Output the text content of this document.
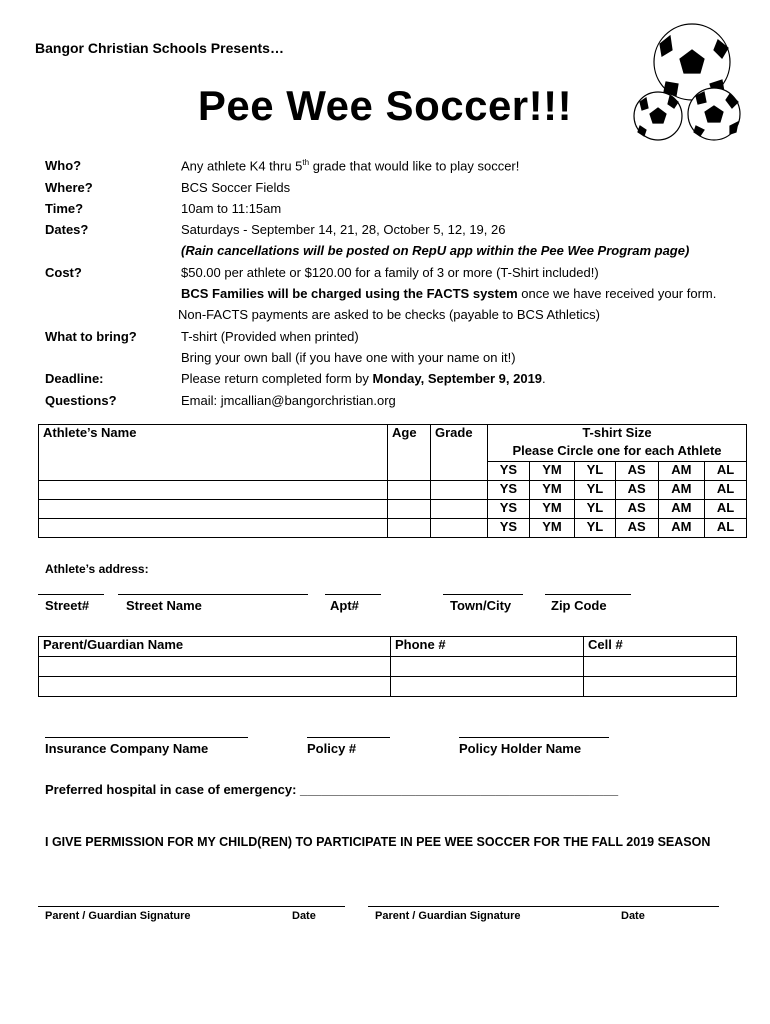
Bangor Christian Schools Presents…
Pee Wee Soccer!!!
Who?	Any athlete K4 thru 5th grade that would like to play soccer!
Where?	BCS Soccer Fields
Time?	10am to 11:15am
Dates?	Saturdays - September 14, 21, 28, October 5, 12, 19, 26
(Rain cancellations will be posted on RepU app within the Pee Wee Program page)
Cost?	$50.00 per athlete or $120.00 for a family of 3 or more (T-Shirt included!)
BCS Families will be charged using the FACTS system once we have received your form.
Non-FACTS payments are asked to be checks (payable to BCS Athletics)
What to bring?	T-shirt (Provided when printed)
Bring your own ball (if you have one with your name on it!)
Deadline:	Please return completed form by Monday, September 9, 2019.
Questions?	Email: jmcallian@bangorchristian.org
Athlete’s Name	Age	Grade	T-shirt Size					
			Please Circle one for each Athlete					
			YS	YM	YL	AS	AM	AL
			YS	YM	YL	AS	AM	AL
			YS	YM	YL	AS	AM	AL
			YS	YM	YL	AS	AM	AL
Athlete’s address:
Street#	Street Name	Apt#	Town/City	Zip Code
Parent/Guardian Name	Phone #	Cell #

Insurance Company Name	Policy #	Policy Holder Name
Preferred hospital in case of emergency: ____________________________________________
I GIVE PERMISSION FOR MY CHILD(REN) TO PARTICIPATE IN PEE WEE SOCCER FOR THE FALL 2019 SEASON
Parent / Guardian Signature	Date	Parent / Guardian Signature	Date
